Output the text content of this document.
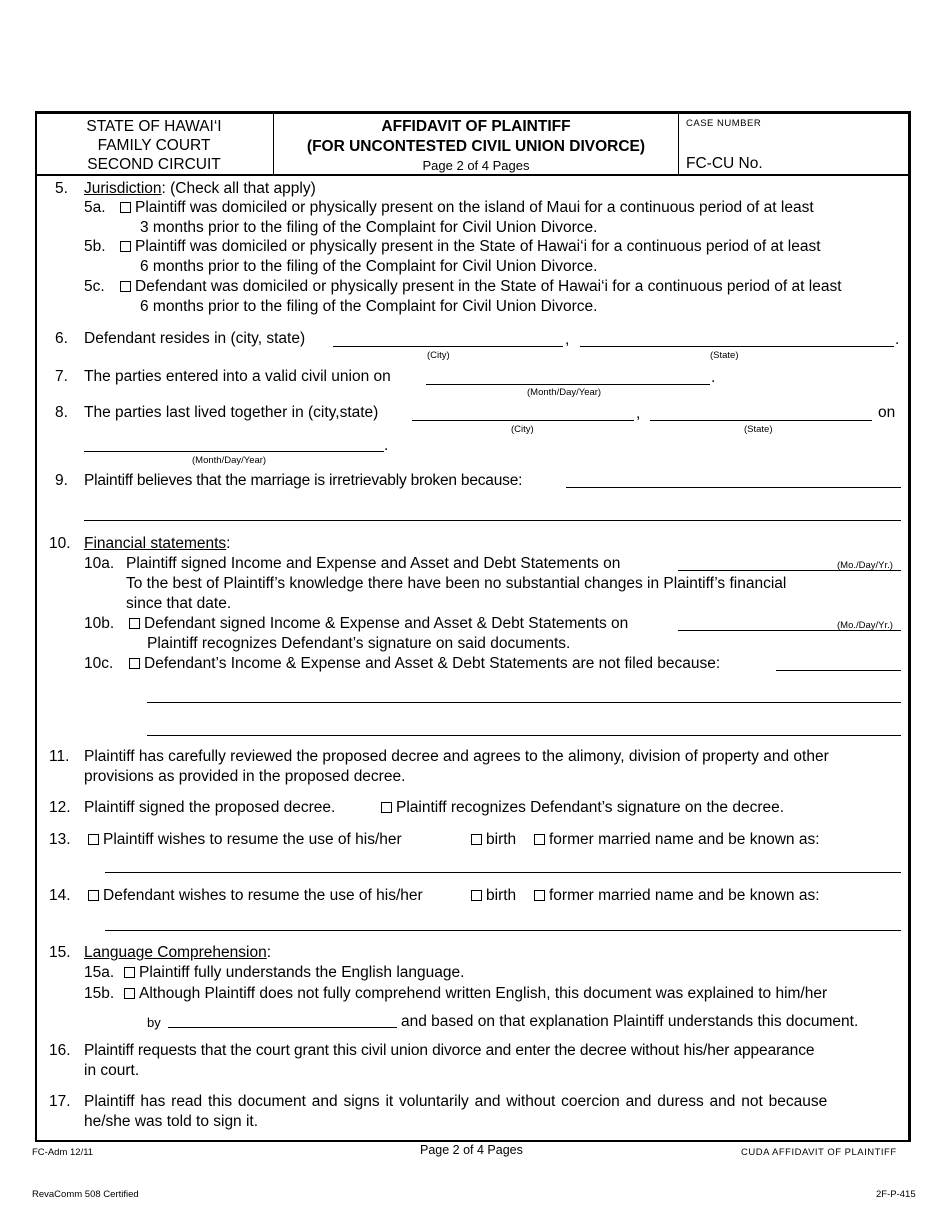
STATE OF HAWAI‘I
FAMILY COURT
SECOND CIRCUIT
AFFIDAVIT OF PLAINTIFF
(FOR UNCONTESTED CIVIL UNION DIVORCE)
Page 2 of 4 Pages
CASE NUMBER
FC-CU No.
5. Jurisdiction: (Check all that apply)
5a.	Plaintiff was domiciled or physically present on the island of Maui for a continuous period of at least
3 months prior to the filing of the Complaint for Civil Union Divorce.
5b.	Plaintiff was domiciled or physically present in the State of Hawai‘i for a continuous period of at least
6 months prior to the filing of the Complaint for Civil Union Divorce.
5c.	Defendant was domiciled or physically present in the State of Hawai‘i for a continuous period of at least
6 months prior to the filing of the Complaint for Civil Union Divorce.
6. Defendant resides in (city, state)	,	.
(City)	(State)
7. The parties entered into a valid civil union on	.
(Month/Day/Year)
8. The parties last lived together in (city,state)	,	on
(City)	(State)
.
(Month/Day/Year)
9. Plaintiff believes that the marriage is irretrievably broken because:
10. Financial statements:
10a. Plaintiff signed Income and Expense and Asset and Debt Statements on	(Mo./Day/Yr.)
To the best of Plaintiff’s knowledge there have been no substantial changes in Plaintiff’s financial
since that date.
10b.	Defendant signed Income & Expense and Asset & Debt Statements on	(Mo./Day/Yr.)
Plaintiff recognizes Defendant’s signature on said documents.
10c.	Defendant’s Income & Expense and Asset & Debt Statements are not filed because:
11. Plaintiff has carefully reviewed the proposed decree and agrees to the alimony, division of property and other
provisions as provided in the proposed decree.
12. Plaintiff signed the proposed decree.	Plaintiff recognizes Defendant’s signature on the decree.
13.	Plaintiff wishes to resume the use of his/her	birth	former married name and be known as:
14.	Defendant wishes to resume the use of his/her	birth	former married name and be known as:
15. Language Comprehension:
15a.	Plaintiff fully understands the English language.
15b.	Although Plaintiff does not fully comprehend written English, this document was explained to him/her
by	and based on that explanation Plaintiff understands this document.
16. Plaintiff requests that the court grant this civil union divorce and enter the decree without his/her appearance
in court.
17. Plaintiff has read this document and signs it voluntarily and without coercion and duress and not because
he/she was told to sign it.
FC-Adm 12/11	Page 2 of 4 Pages	CUDA AFFIDAVIT OF PLAINTIFF
RevaComm 508 Certified	2F-P-415
